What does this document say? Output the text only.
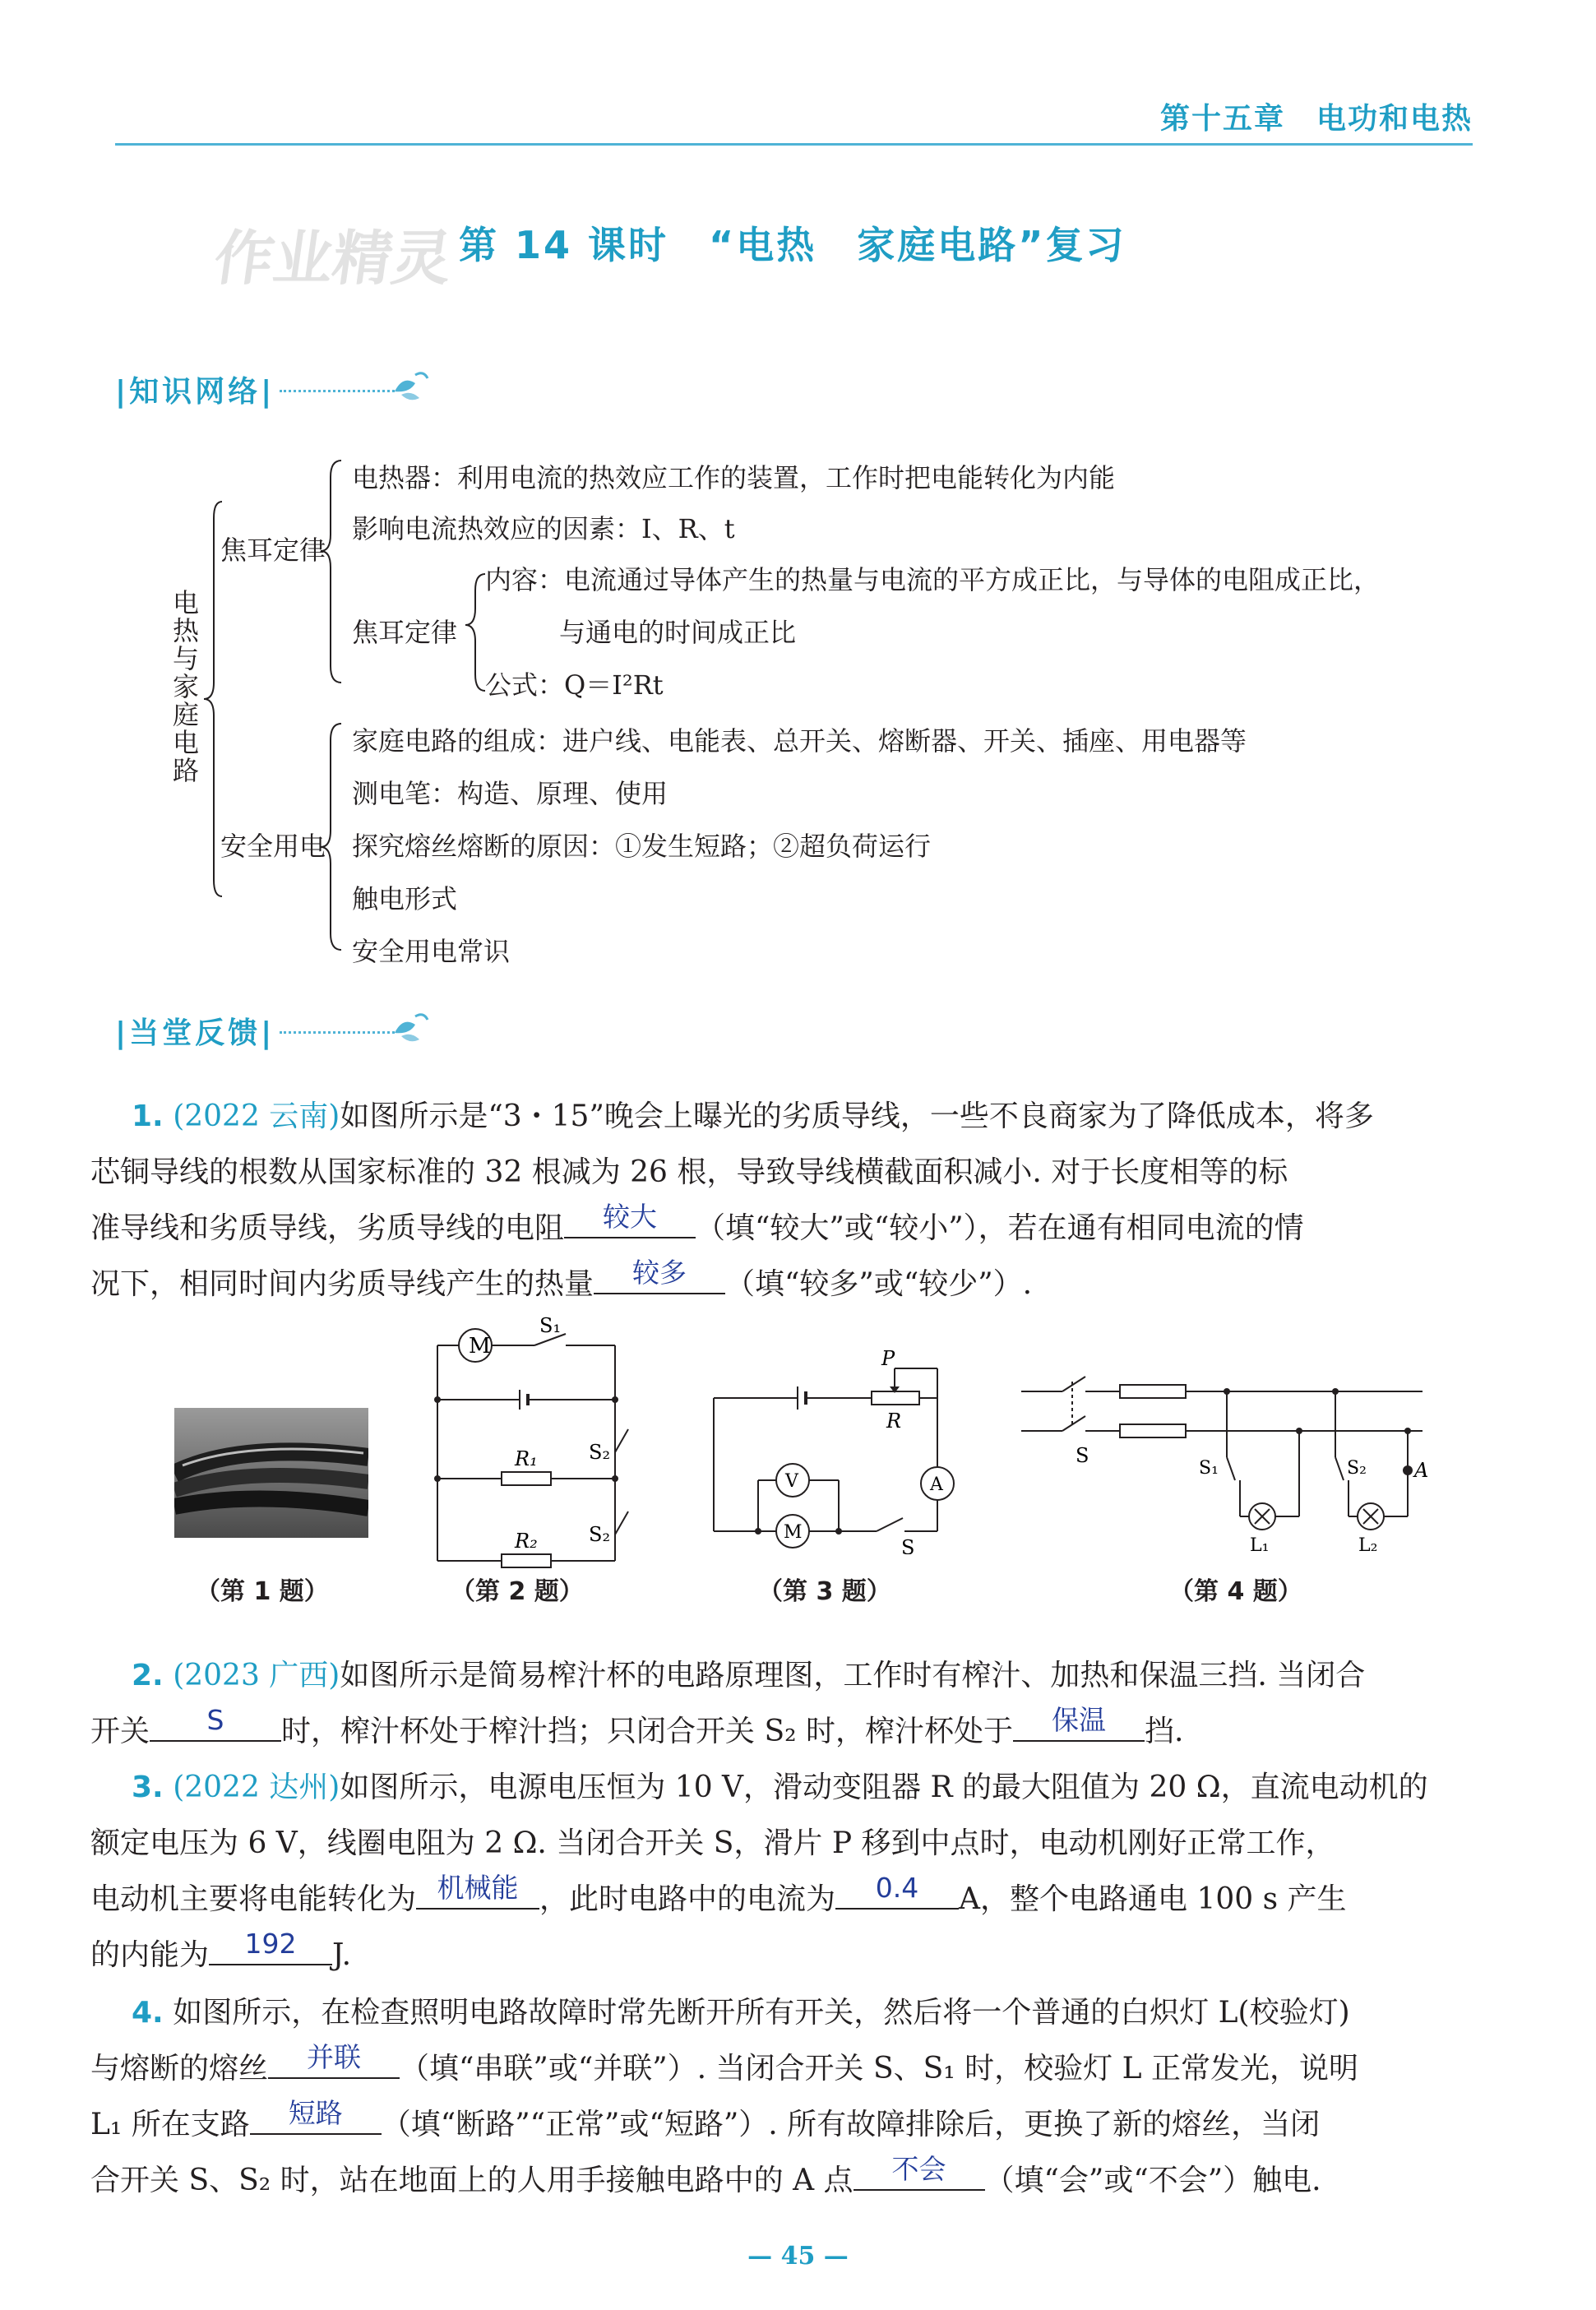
第十五章　电功和电热
作业精灵 第 14 课时　“电热　家庭电路”复习
|知识网络|
电热与家庭电路
焦耳定律
电热器：利用电流的热效应工作的装置，工作时把电能转化为内能
影响电流热效应的因素：I、R、t
焦耳定律
内容：电流通过导体产生的热量与电流的平方成正比，与导体的电阻成正比，
与通电的时间成正比
公式：Q＝I²Rt
安全用电
家庭电路的组成：进户线、电能表、总开关、熔断器、开关、插座、用电器等
测电笔：构造、原理、使用
探究熔丝熔断的原因：①发生短路；②超负荷运行
触电形式
安全用电常识
|当堂反馈|
1. (2022 云南)如图所示是“3・15”晚会上曝光的劣质导线，一些不良商家为了降低成本，将多
芯铜导线的根数从国家标准的 32 根减为 26 根，导致导线横截面积减小. 对于长度相等的标
准导线和劣质导线，劣质导线的电阻 较大 （填“较大”或“较小”），若在通有相同电流的情
况下，相同时间内劣质导线产生的热量 较多 （填“较多”或“较少”）.
（第 1 题）
M
S₁
S₂
S₂
R₁
R₂
（第 2 题）
P
R
A
V
M
S
（第 3 题）
S
S₁	S₂ A
L₁	L₂
（第 4 题）
2. (2023 广西)如图所示是简易榨汁杯的电路原理图，工作时有榨汁、加热和保温三挡. 当闭合
开关 S 时，榨汁杯处于榨汁挡；只闭合开关 S₂ 时，榨汁杯处于 保温 挡.
3. (2022 达州)如图所示，电源电压恒为 10 V，滑动变阻器 R 的最大阻值为 20 Ω，直流电动机的
额定电压为 6 V，线圈电阻为 2 Ω. 当闭合开关 S，滑片 P 移到中点时，电动机刚好正常工作，
电动机主要将电能转化为 机械能 ，此时电路中的电流为 0.4 A，整个电路通电 100 s 产生
的内能为 192 J.
4. 如图所示，在检查照明电路故障时常先断开所有开关，然后将一个普通的白炽灯 L(校验灯)
与熔断的熔丝 并联 （填“串联”或“并联”）. 当闭合开关 S、S₁ 时，校验灯 L 正常发光，说明
L₁ 所在支路 短路 （填“断路”“正常”或“短路”）. 所有故障排除后，更换了新的熔丝，当闭
合开关 S、S₂ 时，站在地面上的人用手接触电路中的 A 点 不会 （填“会”或“不会”）触电.
— 45 —
